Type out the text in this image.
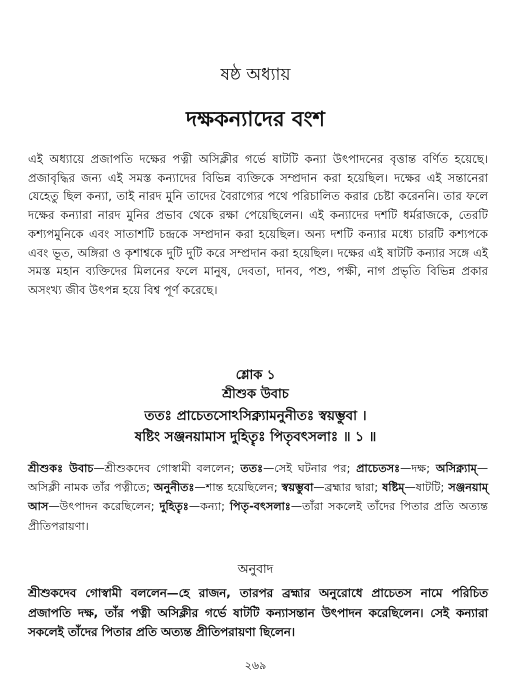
ষষ্ঠ অধ্যায়
দক্ষকন্যাদের বংশ

এই অধ্যায়ে প্রজাপতি দক্ষের পত্নী অসিক্লীর গর্ভে ষাটটি কন্যা উৎপাদনের বৃত্তান্ত বর্ণিত হয়েছে। প্রজাবৃদ্ধির জন্য এই সমস্ত কন্যাদের বিভিন্ন ব্যক্তিকে সম্প্রদান করা হয়েছিল। দক্ষের এই সন্তানেরা যেহেতু ছিল কন্যা, তাই নারদ মুনি তাদের বৈরাগ্যের পথে পরিচালিত করার চেষ্টা করেননি। তার ফলে দক্ষের কন্যারা নারদ মুনির প্রভাব থেকে রক্ষা পেয়েছিলেন। এই কন্যাদের দশটি ধর্মরাজকে, তেরটি কশ্যপমুনিকে এবং সাতাশটি চন্দ্রকে সম্প্রদান করা হয়েছিল। অন্য দশটি কন্যার মধ্যে চারটি কশ্যপকে এবং ভূত, অঙ্গিরা ও কৃশাশ্বকে দুটি দুটি করে সম্প্রদান করা হয়েছিল। দক্ষের এই ষাটটি কন্যার সঙ্গে এই সমস্ত মহান ব্যক্তিদের মিলনের ফলে মানুষ, দেবতা, দানব, পশু, পক্ষী, নাগ প্রভৃতি বিভিন্ন প্রকার অসংখ্য জীব উৎপন্ন হয়ে বিশ্ব পূর্ণ করেছে।

শ্লোক ১
শ্রীশুক উবাচ
ততঃ প্রাচেতসোঽসিক্ন্যামনুনীতঃ স্বয়ম্ভুবা ।
ষষ্টিং সঞ্জনয়ামাস দুহিতৄঃ পিতৃবৎসলাঃ ॥ ১ ॥

শ্রীশুকঃ উবাচ—শ্রীশুকদেব গোস্বামী বললেন; ততঃ—সেই ঘটনার পর; প্রাচেতসঃ—দক্ষ; অসিক্ন্যাম্—অসিক্লী নামক তাঁর পত্নীতে; অনুনীতঃ—শান্ত হয়েছিলেন; স্বয়ম্ভুবা—ব্রহ্মার দ্বারা; ষষ্টিম্—ষাটটি; সঞ্জনয়াম্ আস—উৎপাদন করেছিলেন; দুহিতৄঃ—কন্যা; পিতৃ-বৎসলাঃ—তাঁরা সকলেই তাঁদের পিতার প্রতি অত্যন্ত প্রীতিপরায়ণা।

অনুবাদ

শ্রীশুকদেব গোস্বামী বললেন—হে রাজন, তারপর ব্রহ্মার অনুরোধে প্রাচেতস নামে পরিচিত প্রজাপতি দক্ষ, তাঁর পত্নী অসিক্লীর গর্ভে ষাটটি কন্যাসন্তান উৎপাদন করেছিলেন। সেই কন্যারা সকলেই তাঁদের পিতার প্রতি অত্যন্ত প্রীতিপরায়ণা ছিলেন।

২৬৯
